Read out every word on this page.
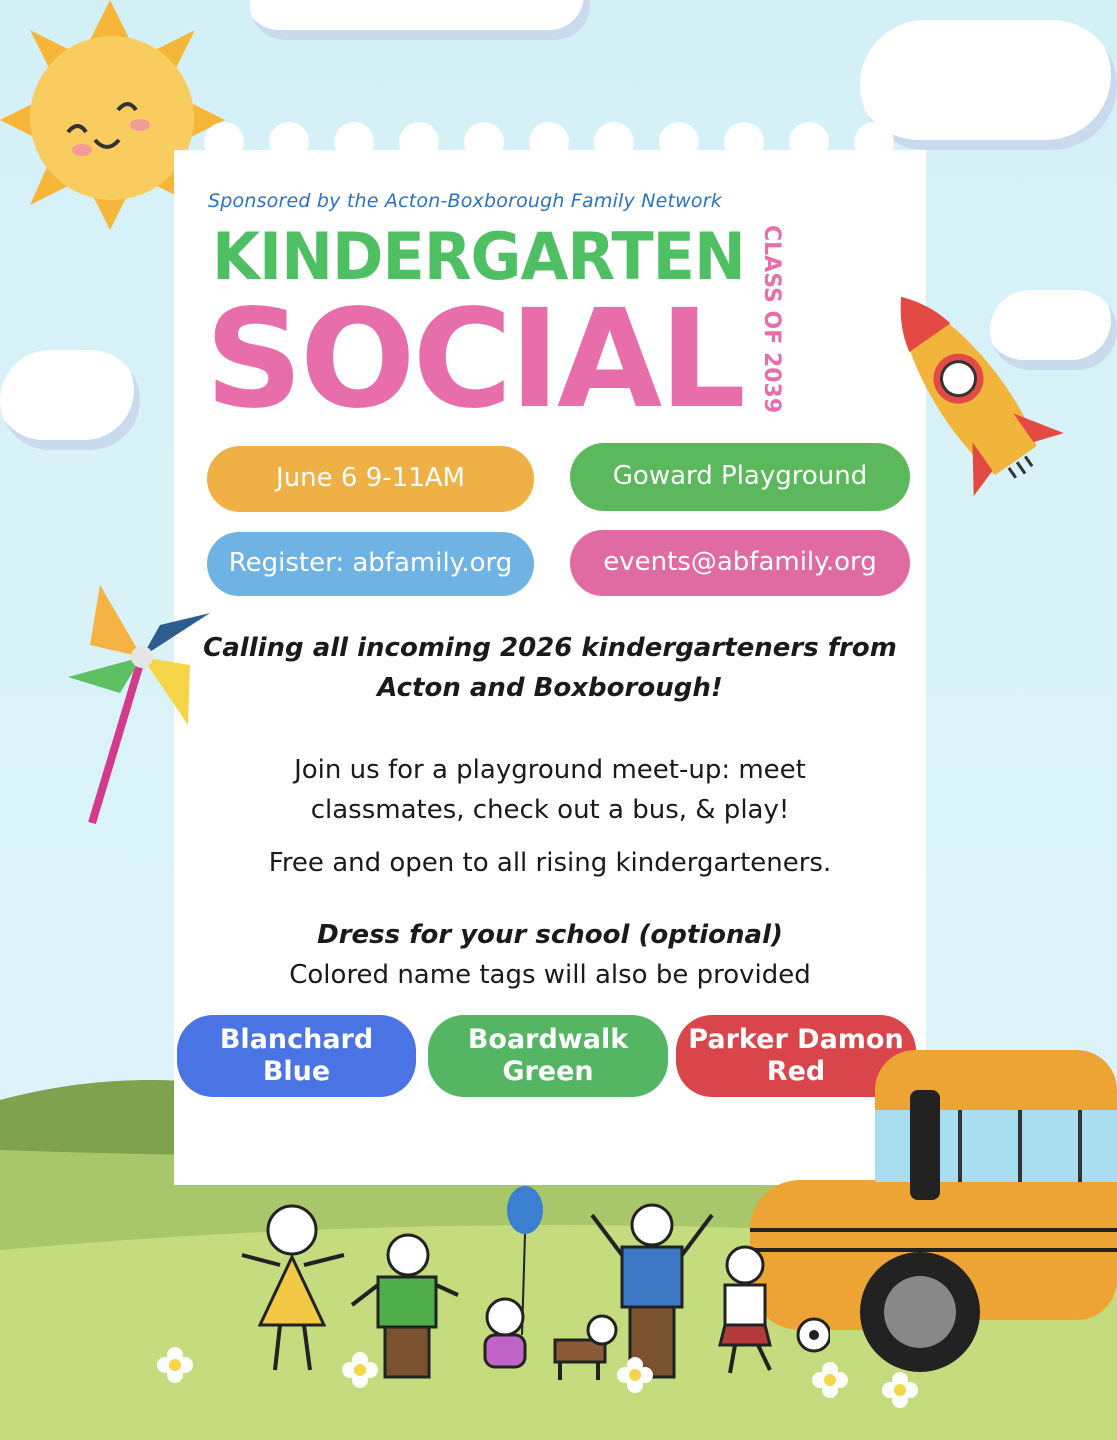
Sponsored by the Acton-Boxborough Family Network
KINDERGARTEN
SOCIAL CLASS OF 2039
June 6 9-11AM	Goward Playground
Register: abfamily.org	events@abfamily.org
Calling all incoming 2026 kindergarteners from
Acton and Boxborough!
Join us for a playground meet-up: meet
classmates, check out a bus, & play!
Free and open to all rising kindergarteners.
Dress for your school (optional)
Colored name tags will also be provided
Blanchard
Blue
Boardwalk
Green
Parker Damon
Red
